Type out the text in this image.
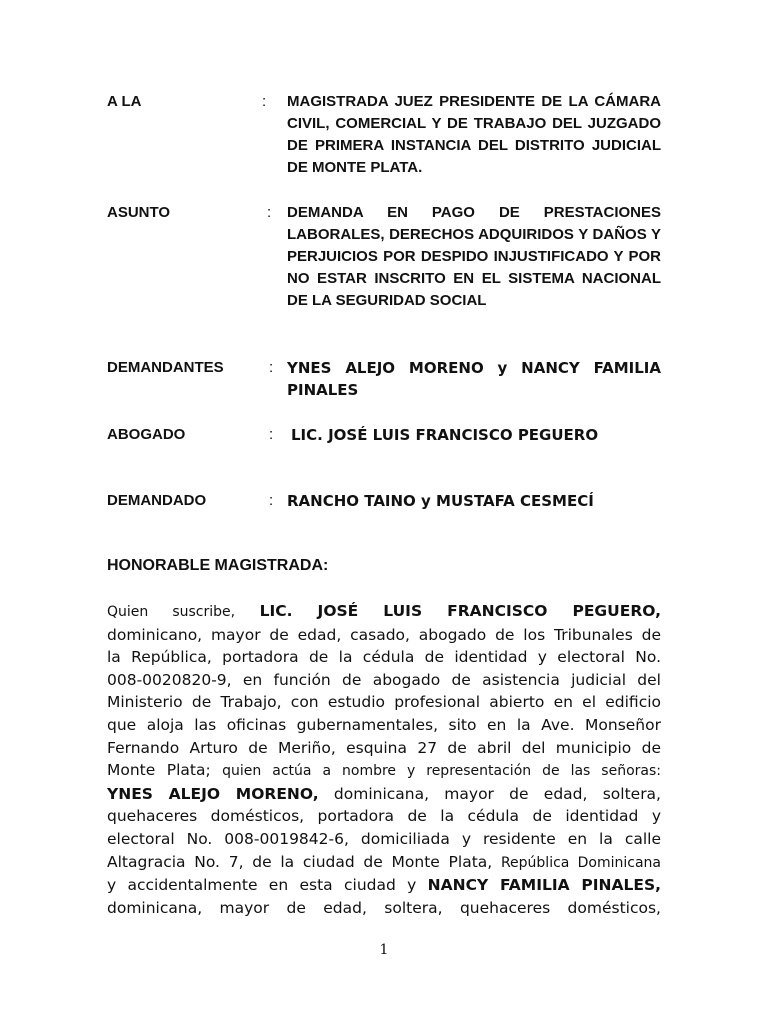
A LA	: MAGISTRADA JUEZ PRESIDENTE DE LA CÁMARA CIVIL, COMERCIAL Y DE TRABAJO DEL JUZGADO DE PRIMERA INSTANCIA DEL DISTRITO JUDICIAL DE MONTE PLATA.
ASUNTO	: DEMANDA EN PAGO DE PRESTACIONES LABORALES, DERECHOS ADQUIRIDOS Y DAÑOS Y PERJUICIOS POR DESPIDO INJUSTIFICADO Y POR NO ESTAR INSCRITO EN EL SISTEMA NACIONAL DE LA SEGURIDAD SOCIAL
DEMANDANTES	: YNES ALEJO MORENO y NANCY FAMILIA PINALES
ABOGADO	: LIC. JOSÉ LUIS FRANCISCO PEGUERO
DEMANDADO	: RANCHO TAINO y MUSTAFA CESMECÍ
HONORABLE MAGISTRADA:
Quien suscribe, LIC. JOSÉ LUIS FRANCISCO PEGUERO,
dominicano, mayor de edad, casado, abogado de los Tribunales de
la República, portadora de la cédula de identidad y electoral No.
008-0020820-9, en función de abogado de asistencia judicial del
Ministerio de Trabajo, con estudio profesional abierto en el edificio
que aloja las oficinas gubernamentales, sito en la Ave. Monseñor
Fernando Arturo de Meriño, esquina 27 de abril del municipio de
Monte Plata; quien actúa a nombre y representación de las señoras:
YNES ALEJO MORENO, dominicana, mayor de edad, soltera,
quehaceres domésticos, portadora de la cédula de identidad y
electoral No. 008-0019842-6, domiciliada y residente en la calle
Altagracia No. 7, de la ciudad de Monte Plata, República Dominicana
y accidentalmente en esta ciudad y NANCY FAMILIA PINALES,
dominicana, mayor de edad, soltera, quehaceres domésticos,
1
